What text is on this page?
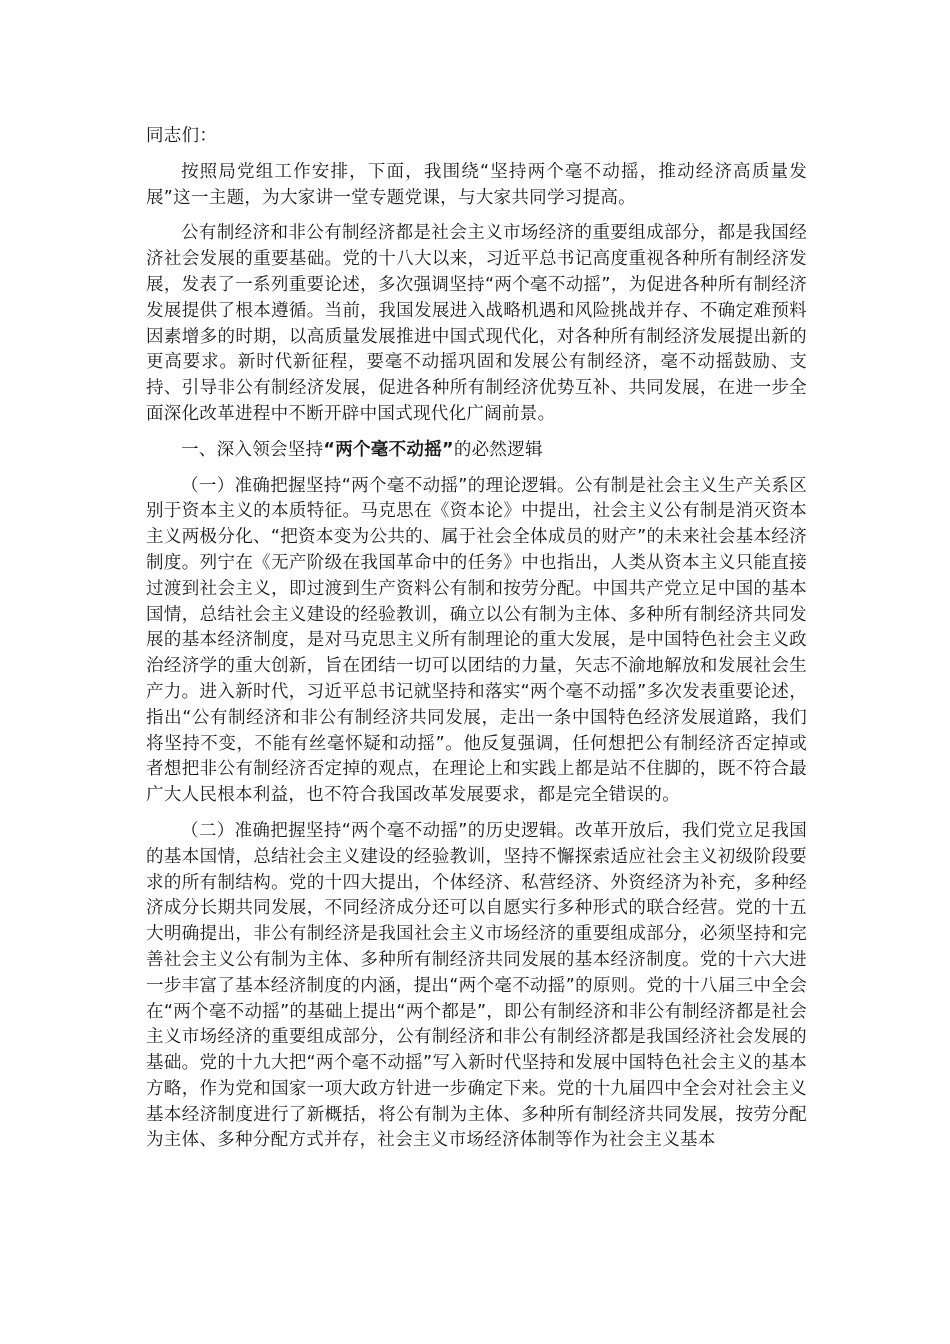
同志们：

按照局党组工作安排，下面，我围绕“坚持两个毫不动摇，推动经济高质量发展”这一主题，为大家讲一堂专题党课，与大家共同学习提高。

公有制经济和非公有制经济都是社会主义市场经济的重要组成部分，都是我国经济社会发展的重要基础。党的十八大以来，习近平总书记高度重视各种所有制经济发展，发表了一系列重要论述，多次强调坚持“两个毫不动摇”，为促进各种所有制经济发展提供了根本遵循。当前，我国发展进入战略机遇和风险挑战并存、不确定难预料因素增多的时期，以高质量发展推进中国式现代化，对各种所有制经济发展提出新的更高要求。新时代新征程，要毫不动摇巩固和发展公有制经济，毫不动摇鼓励、支持、引导非公有制经济发展，促进各种所有制经济优势互补、共同发展，在进一步全面深化改革进程中不断开辟中国式现代化广阔前景。

一、深入领会坚持“两个毫不动摇”的必然逻辑

（一）准确把握坚持“两个毫不动摇”的理论逻辑。公有制是社会主义生产关系区别于资本主义的本质特征。马克思在《资本论》中提出，社会主义公有制是消灭资本主义两极分化、“把资本变为公共的、属于社会全体成员的财产”的未来社会基本经济制度。列宁在《无产阶级在我国革命中的任务》中也指出，人类从资本主义只能直接过渡到社会主义，即过渡到生产资料公有制和按劳分配。中国共产党立足中国的基本国情，总结社会主义建设的经验教训，确立以公有制为主体、多种所有制经济共同发展的基本经济制度，是对马克思主义所有制理论的重大发展，是中国特色社会主义政治经济学的重大创新，旨在团结一切可以团结的力量，矢志不渝地解放和发展社会生产力。进入新时代，习近平总书记就坚持和落实“两个毫不动摇”多次发表重要论述，指出“公有制经济和非公有制经济共同发展，走出一条中国特色经济发展道路，我们将坚持不变，不能有丝毫怀疑和动摇”。他反复强调，任何想把公有制经济否定掉或者想把非公有制经济否定掉的观点，在理论上和实践上都是站不住脚的，既不符合最广大人民根本利益，也不符合我国改革发展要求，都是完全错误的。

（二）准确把握坚持“两个毫不动摇”的历史逻辑。改革开放后，我们党立足我国的基本国情，总结社会主义建设的经验教训，坚持不懈探索适应社会主义初级阶段要求的所有制结构。党的十四大提出，个体经济、私营经济、外资经济为补充，多种经济成分长期共同发展，不同经济成分还可以自愿实行多种形式的联合经营。党的十五大明确提出，非公有制经济是我国社会主义市场经济的重要组成部分，必须坚持和完善社会主义公有制为主体、多种所有制经济共同发展的基本经济制度。党的十六大进一步丰富了基本经济制度的内涵，提出“两个毫不动摇”的原则。党的十八届三中全会在“两个毫不动摇”的基础上提出“两个都是”，即公有制经济和非公有制经济都是社会主义市场经济的重要组成部分，公有制经济和非公有制经济都是我国经济社会发展的基础。党的十九大把“两个毫不动摇”写入新时代坚持和发展中国特色社会主义的基本方略，作为党和国家一项大政方针进一步确定下来。党的十九届四中全会对社会主义基本经济制度进行了新概括，将公有制为主体、多种所有制经济共同发展，按劳分配为主体、多种分配方式并存，社会主义市场经济体制等作为社会主义基本
